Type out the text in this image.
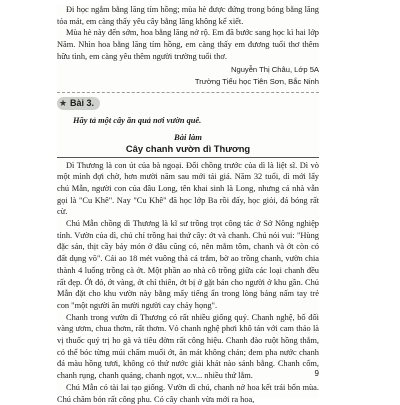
Đi học ngắm bằng lăng tím hồng; mùa hè được đứng trong bóng bằng lăng tỏa mát, em càng thấy yêu cây bằng lăng không kể xiết.

Mùa hè này đến sớm, hoa bằng lăng nở rộ. Em đã bước sang học kì hai lớp Năm. Nhìn hoa bằng lăng tím hồng, em càng thấy em đương tuổi thơ thêm hữu tình, em càng yêu thêm người trường tuổi thơ.

Nguyễn Thị Châu, Lớp 5A
Trường Tiểu học Tiên Sơn, Bắc Ninh
★ Bài 3.
Hãy tả một cây ăn quả nơi vườn quê.
Bài làm
Cây chanh vườn dì Thương

Dì Thương là con út của bà ngoại. Đối chồng trước của dì là liệt sĩ. Dì vò một mình đợi chờ, hơn mười năm sau mới tái giá. Năm 32 tuổi, dì mới lấy chú Mẫn, người con của đâu Long, tên khai sinh là Long, nhưng cả nhà vẫn gọi là "Cu Khê". Nay "Cu Khê" đã học lớp Ba rồi đấy, học giỏi, đá bóng rất cừ.

Chú Mẫn chồng dì Thương là kĩ sư trồng trọt công tác ở Sở Nông nghiệp tỉnh. Vườn của dì, chú chỉ trồng hai thứ cây: ớt và chanh. Chú nói vui: "Hùng đặc sản, thịt cầy bảy món ở đâu cũng có, nên mắm tôm, chanh và ớt còn có đất dụng võ". Cái ao 18 mét vuông thả cá trắm, bờ ao trồng chanh, vườn chia thành 4 luống trồng cà ớt. Một phần ao nhà cô trồng giữa các loại chanh đều rất đẹp. Ớt đỏ, ớt vàng, ớt chỉ thiên, ớt bị ở gặt bán cho người ở khu gần. Chủ Mẫn đặt cho khu vườn này bằng mấy tiếng ẩn trong lòng bảng nấm tay trẻ con "một người ăn mười người cay chảy họng".

Chanh trong vườn dì Thương có rất nhiều giống quý. Chanh nghệ, bố đối vàng ươm, chua thơm, rất thơm. Vỏ chanh nghệ phơi khô tán với cam thảo là vị thuốc quý trị ho gà và tiêu đờm rất công hiệu. Chanh đào ruột hồng thắm, có thể bóc từng múi chấm muối ớt, ăn mát không chán; đem pha nước chanh đá màu hồng tươi, không có thứ nước giải khát nào sánh bằng. Chanh cốm, chanh rụng, chanh quảng, chanh ngọt, v.v... nhiều thứ lắm.

Chú Mẫn có tài lai tạo giống. Vườn dì chú, chanh nở hoa kết trái bốn mùa. Chú chăm bón rất công phu. Có cây chanh vừa mới ra hoa,

9
